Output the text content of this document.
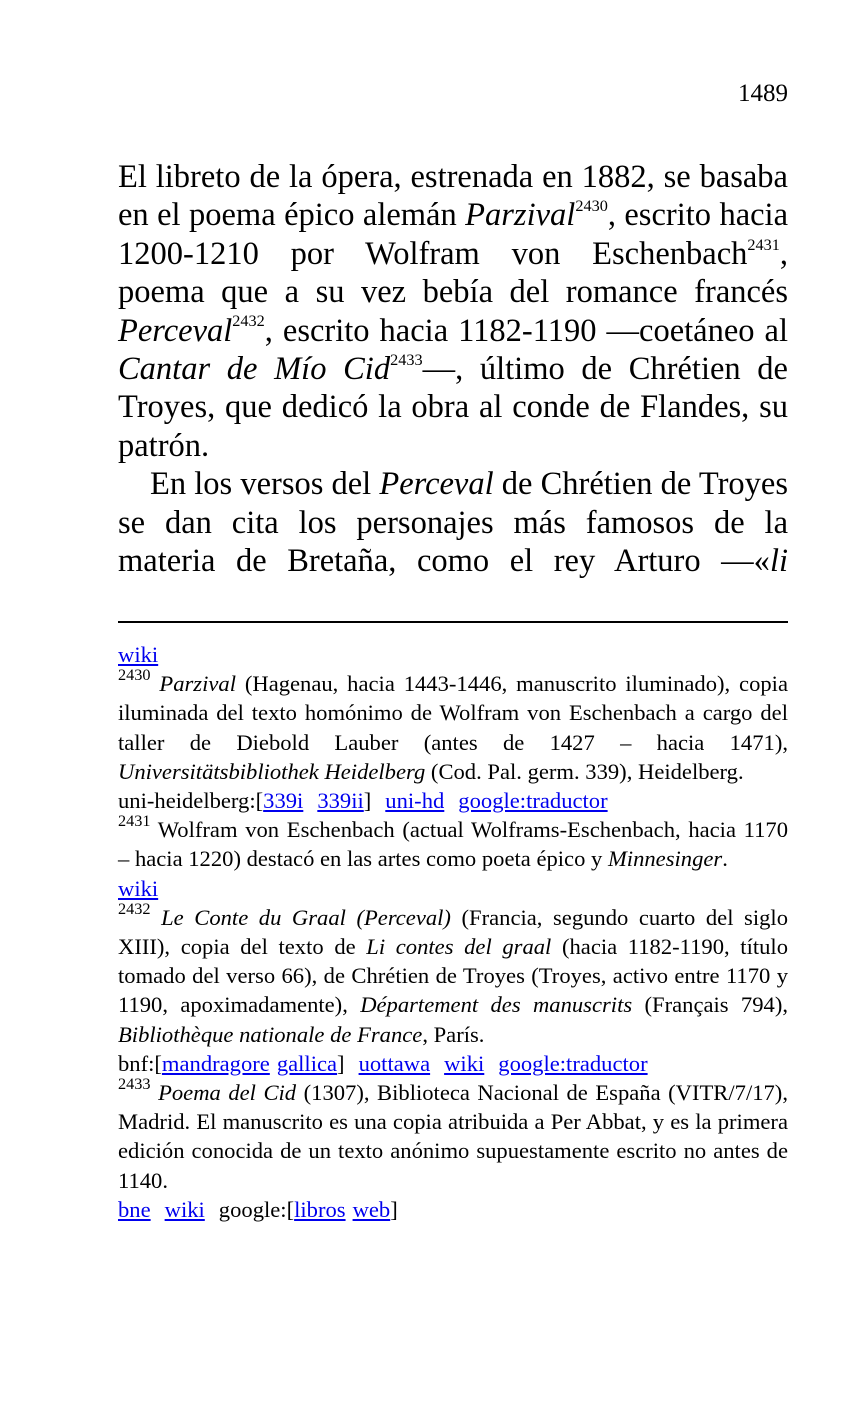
1489

El libreto de la ópera, estrenada en 1882, se basaba en el poema épico alemán Parzival$^{2430}$, escrito hacia 1200-1210 por Wolfram von Eschenbach$^{2431}$, poema que a su vez bebía del romance francés Perceval$^{2432}$, escrito hacia 1182-1190 —coetáneo al Cantar de Mío Cid$^{2433}$—, último de Chrétien de Troyes, que dedicó la obra al conde de Flandes, su patrón.

En los versos del Perceval de Chrétien de Troyes se dan cita los personajes más famosos de la materia de Bretaña, como el rey Arturo —«li

wiki

$^{2430}$ Parzival (Hagenau, hacia 1443-1446, manuscrito iluminado), copia iluminada del texto homónimo de Wolfram von Eschenbach a cargo del taller de Diebold Lauber (antes de 1427 – hacia 1471), Universitätsbibliothek Heidelberg (Cod. Pal. germ. 339), Heidelberg.

uni-heidelberg:[339i 339ii] uni-hd google:traductor

$^{2431}$ Wolfram von Eschenbach (actual Wolframs-Eschenbach, hacia 1170 – hacia 1220) destacó en las artes como poeta épico y Minnesinger.

wiki

$^{2432}$ Le Conte du Graal (Perceval) (Francia, segundo cuarto del siglo XIII), copia del texto de Li contes del graal (hacia 1182-1190, título tomado del verso 66), de Chrétien de Troyes (Troyes, activo entre 1170 y 1190, apoximadamente), Département des manuscrits (Français 794), Bibliothèque nationale de France, París.

bnf:[mandragore gallica] uottawa wiki google:traductor

$^{2433}$ Poema del Cid (1307), Biblioteca Nacional de España (VITR/7/17), Madrid. El manuscrito es una copia atribuida a Per Abbat, y es la primera edición conocida de un texto anónimo supuestamente escrito no antes de 1140.

bne wiki google:[libros web]
